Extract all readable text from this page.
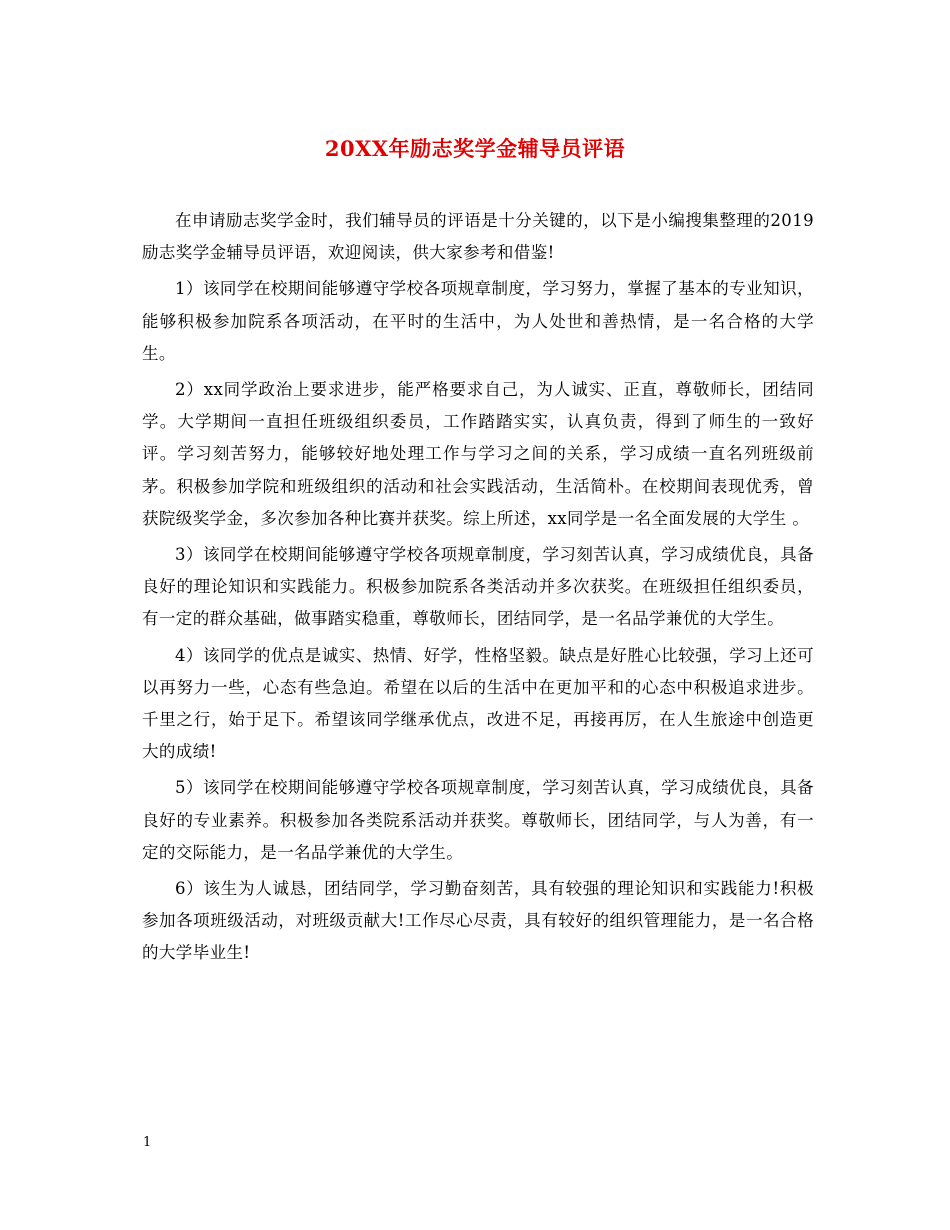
20XX年励志奖学金辅导员评语

在申请励志奖学金时，我们辅导员的评语是十分关键的，以下是小编搜集整理的2019励志奖学金辅导员评语，欢迎阅读，供大家参考和借鉴!

1）该同学在校期间能够遵守学校各项规章制度，学习努力，掌握了基本的专业知识，能够积极参加院系各项活动，在平时的生活中，为人处世和善热情，是一名合格的大学生。

2）xx同学政治上要求进步，能严格要求自己，为人诚实、正直，尊敬师长，团结同学。大学期间一直担任班级组织委员，工作踏踏实实，认真负责，得到了师生的一致好评。学习刻苦努力，能够较好地处理工作与学习之间的关系，学习成绩一直名列班级前茅。积极参加学院和班级组织的活动和社会实践活动，生活简朴。在校期间表现优秀，曾获院级奖学金，多次参加各种比赛并获奖。综上所述，xx同学是一名全面发展的大学生 。

3）该同学在校期间能够遵守学校各项规章制度，学习刻苦认真，学习成绩优良，具备良好的理论知识和实践能力。积极参加院系各类活动并多次获奖。在班级担任组织委员，有一定的群众基础，做事踏实稳重，尊敬师长，团结同学，是一名品学兼优的大学生。

4）该同学的优点是诚实、热情、好学，性格坚毅。缺点是好胜心比较强，学习上还可以再努力一些，心态有些急迫。希望在以后的生活中在更加平和的心态中积极追求进步。千里之行，始于足下。希望该同学继承优点，改进不足，再接再厉，在人生旅途中创造更大的成绩!

5）该同学在校期间能够遵守学校各项规章制度，学习刻苦认真，学习成绩优良，具备良好的专业素养。积极参加各类院系活动并获奖。尊敬师长，团结同学，与人为善，有一定的交际能力，是一名品学兼优的大学生。

6）该生为人诚恳，团结同学，学习勤奋刻苦，具有较强的理论知识和实践能力!积极参加各项班级活动，对班级贡献大!工作尽心尽责，具有较好的组织管理能力，是一名合格的大学毕业生!

1
